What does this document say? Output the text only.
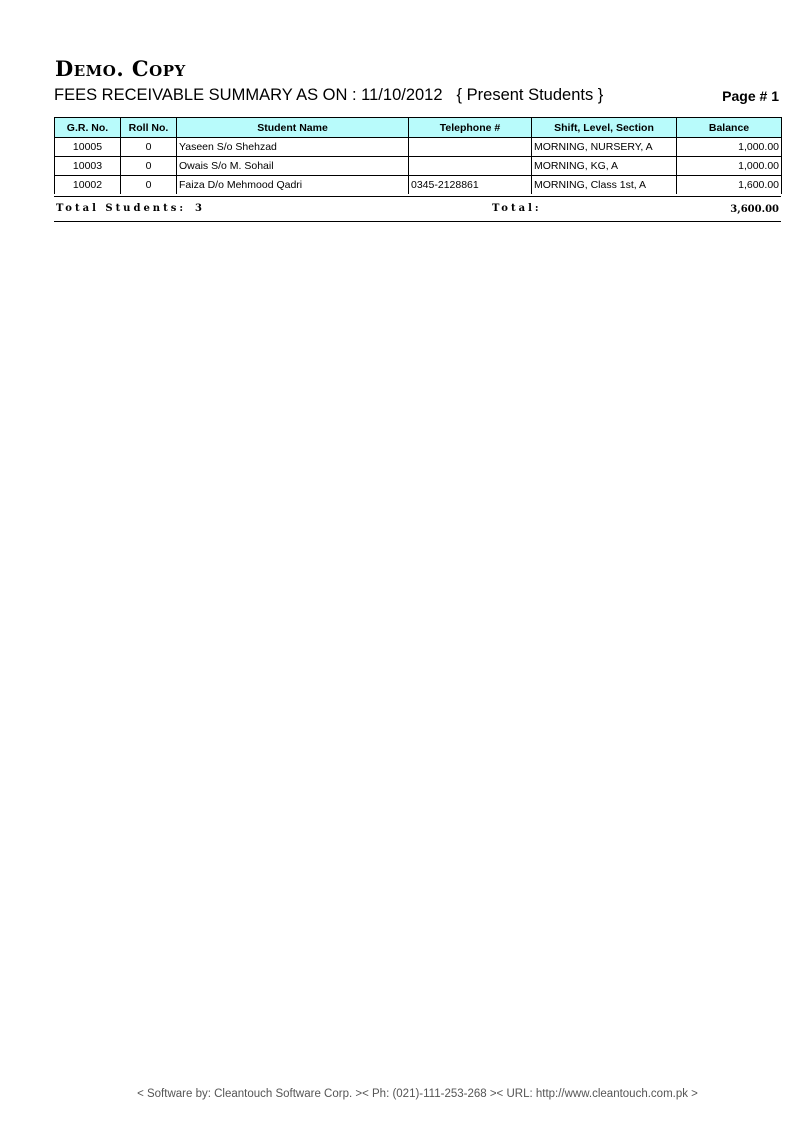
Demo. Copy
FEES RECEIVABLE SUMMARY AS ON : 11/10/2012 { Present Students }	Page # 1
G.R. No.	Roll No.	Student Name	Telephone #	Shift, Level, Section	Balance
10005	0	Yaseen S/o Shehzad		MORNING, NURSERY, A	1,000.00
10003	0	Owais S/o M. Sohail		MORNING, KG, A	1,000.00
10002	0	Faiza D/o Mehmood Qadri	0345-2128861	MORNING, Class 1st, A	1,600.00
Total Students: 3	Total:	3,600.00
< Software by: Cleantouch Software Corp. >< Ph: (021)-111-253-268 >< URL: http://www.cleantouch.com.pk >
